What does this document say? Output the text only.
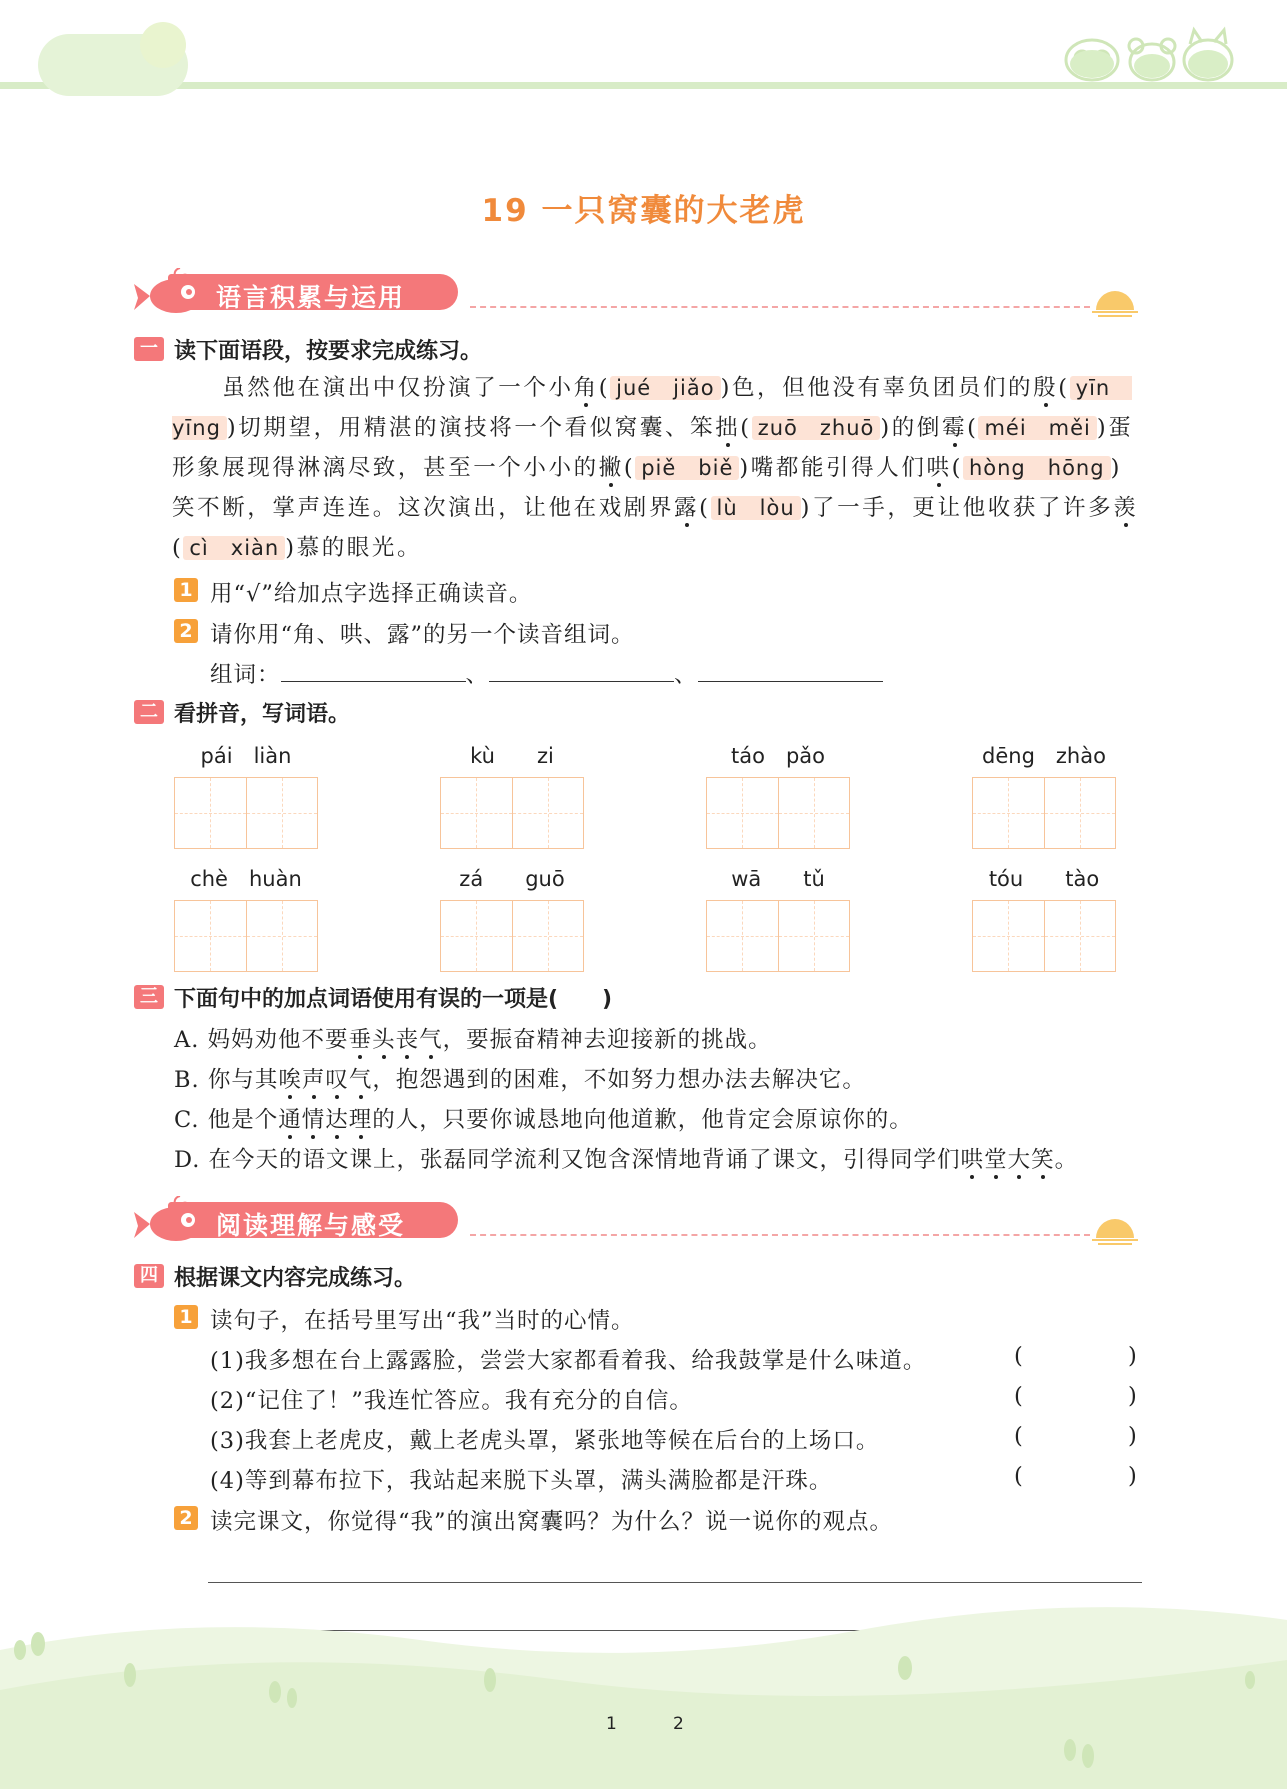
19 一只窝囊的大老虎
语言积累与运用
一 读下面语段，按要求完成练习。
　　虽然他在演出中仅扮演了一个小角( jué　jiǎo )色，但他没有辜负团员们的殷( yīn　yīng )切期望，用精湛的演技将一个看似窝囊、笨拙( zuō　zhuō )的倒霉( méi　měi )蛋形象展现得淋漓尽致，甚至一个小小的撇( piě　biě )嘴都能引得人们哄( hòng　hōng )笑不断，掌声连连。这次演出，让他在戏剧界露( lù　lòu )了一手，更让他收获了许多羡( cì　xiàn )慕的眼光。
1 用“√”给加点字选择正确读音。
2 请你用“角、哄、露”的另一个读音组词。
组词：	、	、
二 看拼音，写词语。
pái　liàn	kù　　zi	táo　pǎo	dēng　zhào
chè　huàn	zá　　guō	wā　　tǔ	tóu　　tào
三 下面句中的加点词语使用有误的一项是(　　)
A. 妈妈劝他不要垂头丧气，要振奋精神去迎接新的挑战。
B. 你与其唉声叹气，抱怨遇到的困难，不如努力想办法去解决它。
C. 他是个通情达理的人，只要你诚恳地向他道歉，他肯定会原谅你的。
D. 在今天的语文课上，张磊同学流利又饱含深情地背诵了课文，引得同学们哄堂大笑。
阅读理解与感受
四 根据课文内容完成练习。
1 读句子，在括号里写出“我”当时的心情。
(1)我多想在台上露露脸，尝尝大家都看着我、给我鼓掌是什么味道。	(	)
(2)“记住了！”我连忙答应。我有充分的自信。	(	)
(3)我套上老虎皮，戴上老虎头罩，紧张地等候在后台的上场口。	(	)
(4)等到幕布拉下，我站起来脱下头罩，满头满脸都是汗珠。	(	)
2 读完课文，你觉得“我”的演出窝囊吗？为什么？说一说你的观点。
1	2
